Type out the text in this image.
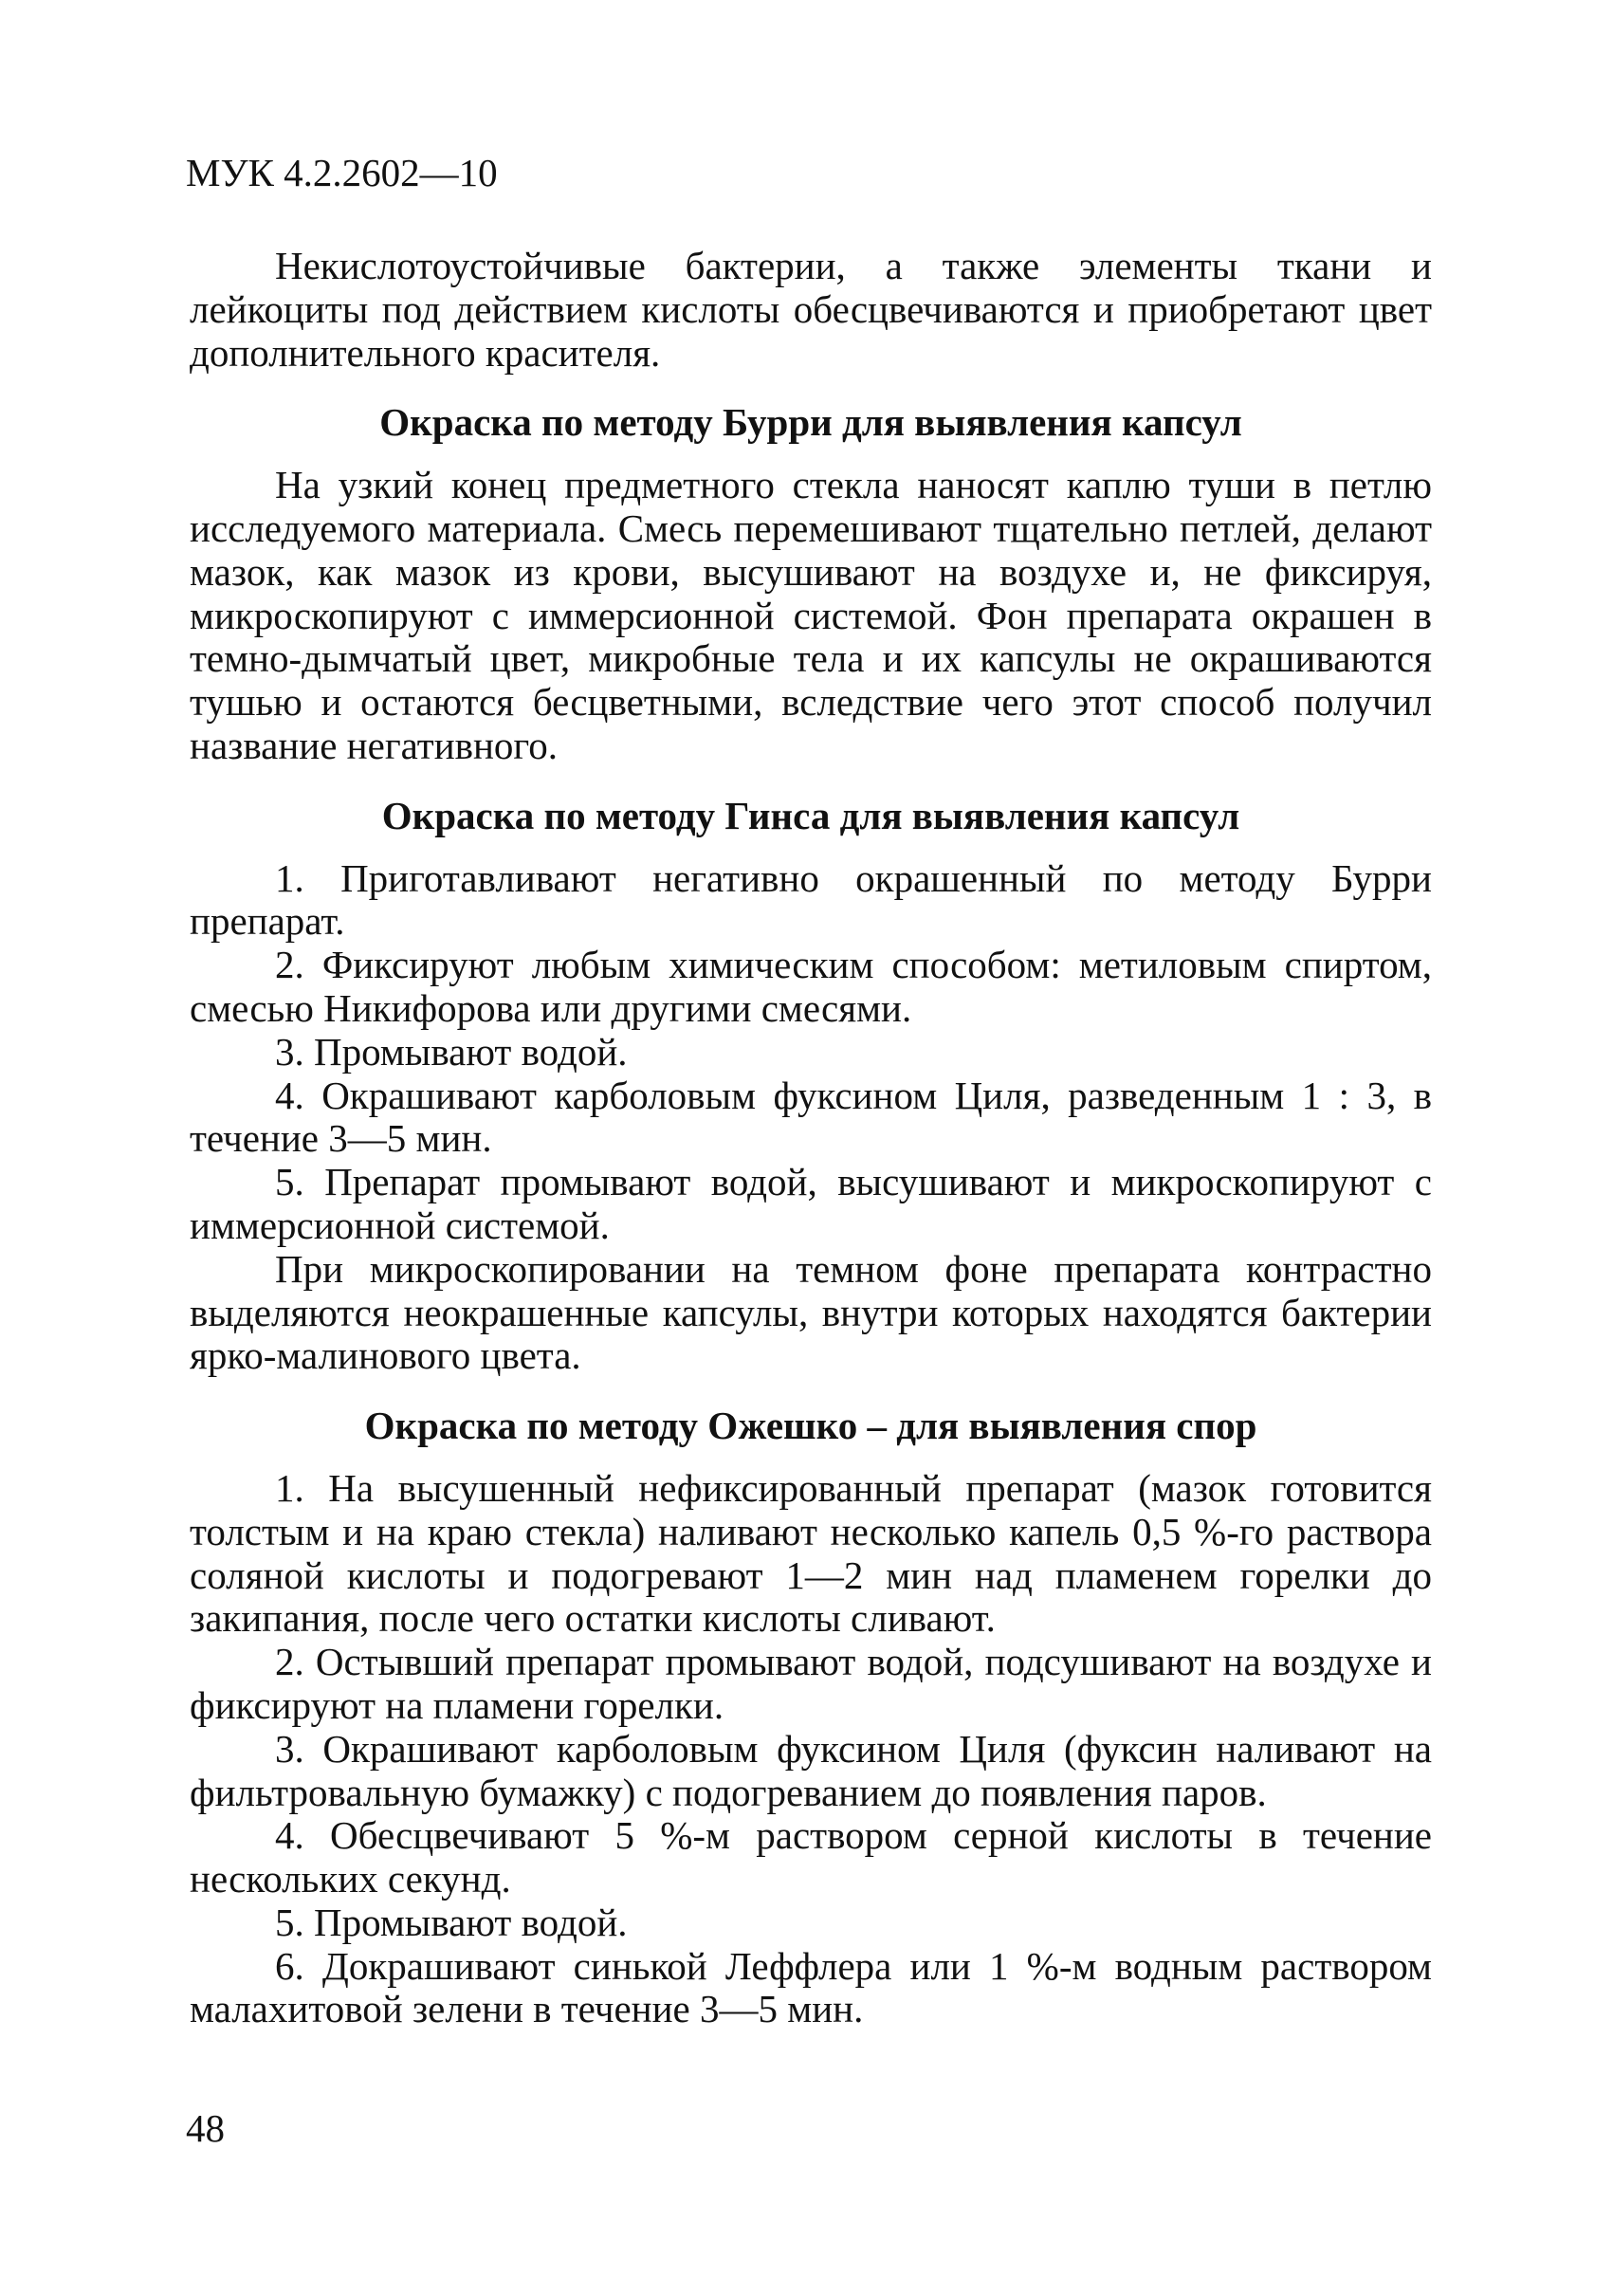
МУК 4.2.2602—10

Некислотоустойчивые бактерии, а также элементы ткани и лейкоциты под действием кислоты обесцвечиваются и приобретают цвет дополнительного красителя.

Окраска по методу Бурри для выявления капсул

На узкий конец предметного стекла наносят каплю туши в петлю исследуемого материала. Смесь перемешивают тщательно петлей, делают мазок, как мазок из крови, высушивают на воздухе и, не фиксируя, микроскопируют с иммерсионной системой. Фон препарата окрашен в темно-дымчатый цвет, микробные тела и их капсулы не окрашиваются тушью и остаются бесцветными, вследствие чего этот способ получил название негативного.

Окраска по методу Гинса для выявления капсул

1. Приготавливают негативно окрашенный по методу Бурри препарат.

2. Фиксируют любым химическим способом: метиловым спиртом, смесью Никифорова или другими смесями.

3. Промывают водой.

4. Окрашивают карболовым фуксином Циля, разведенным 1 : 3, в течение 3—5 мин.

5. Препарат промывают водой, высушивают и микроскопируют с иммерсионной системой.

При микроскопировании на темном фоне препарата контрастно выделяются неокрашенные капсулы, внутри которых находятся бактерии ярко-малинового цвета.

Окраска по методу Ожешко – для выявления спор

1. На высушенный нефиксированный препарат (мазок готовится толстым и на краю стекла) наливают несколько капель 0,5 %-го раствора соляной кислоты и подогревают 1—2 мин над пламенем горелки до закипания, после чего остатки кислоты сливают.

2. Остывший препарат промывают водой, подсушивают на воздухе и фиксируют на пламени горелки.

3. Окрашивают карболовым фуксином Циля (фуксин наливают на фильтровальную бумажку) с подогреванием до появления паров.

4. Обесцвечивают 5 %-м раствором серной кислоты в течение нескольких секунд.

5. Промывают водой.

6. Докрашивают синькой Леффлера или 1 %-м водным раствором малахитовой зелени в течение 3—5 мин.

48
